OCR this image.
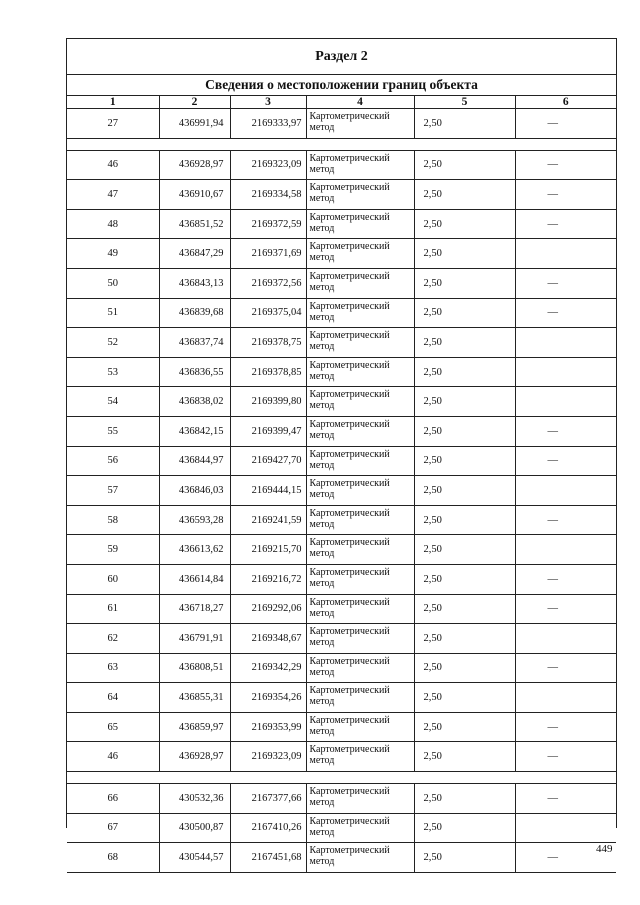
Раздел 2
Сведения о местоположении границ объекта
1	2	3	4	5	6
27	436991,94	2169333,97	Картометрический метод	2,50	—

46	436928,97	2169323,09	Картометрический метод	2,50	—
47	436910,67	2169334,58	Картометрический метод	2,50	—
48	436851,52	2169372,59	Картометрический метод	2,50	—
49	436847,29	2169371,69	Картометрический метод	2,50	
50	436843,13	2169372,56	Картометрический метод	2,50	—
51	436839,68	2169375,04	Картометрический метод	2,50	—
52	436837,74	2169378,75	Картометрический метод	2,50	
53	436836,55	2169378,85	Картометрический метод	2,50	
54	436838,02	2169399,80	Картометрический метод	2,50	
55	436842,15	2169399,47	Картометрический метод	2,50	—
56	436844,97	2169427,70	Картометрический метод	2,50	—
57	436846,03	2169444,15	Картометрический метод	2,50	
58	436593,28	2169241,59	Картометрический метод	2,50	—
59	436613,62	2169215,70	Картометрический метод	2,50	
60	436614,84	2169216,72	Картометрический метод	2,50	—
61	436718,27	2169292,06	Картометрический метод	2,50	—
62	436791,91	2169348,67	Картометрический метод	2,50	
63	436808,51	2169342,29	Картометрический метод	2,50	—
64	436855,31	2169354,26	Картометрический метод	2,50	
65	436859,97	2169353,99	Картометрический метод	2,50	—
46	436928,97	2169323,09	Картометрический метод	2,50	—

66	430532,36	2167377,66	Картометрический метод	2,50	—
67	430500,87	2167410,26	Картометрический метод	2,50	
68	430544,57	2167451,68	Картометрический метод	2,50	—
449
